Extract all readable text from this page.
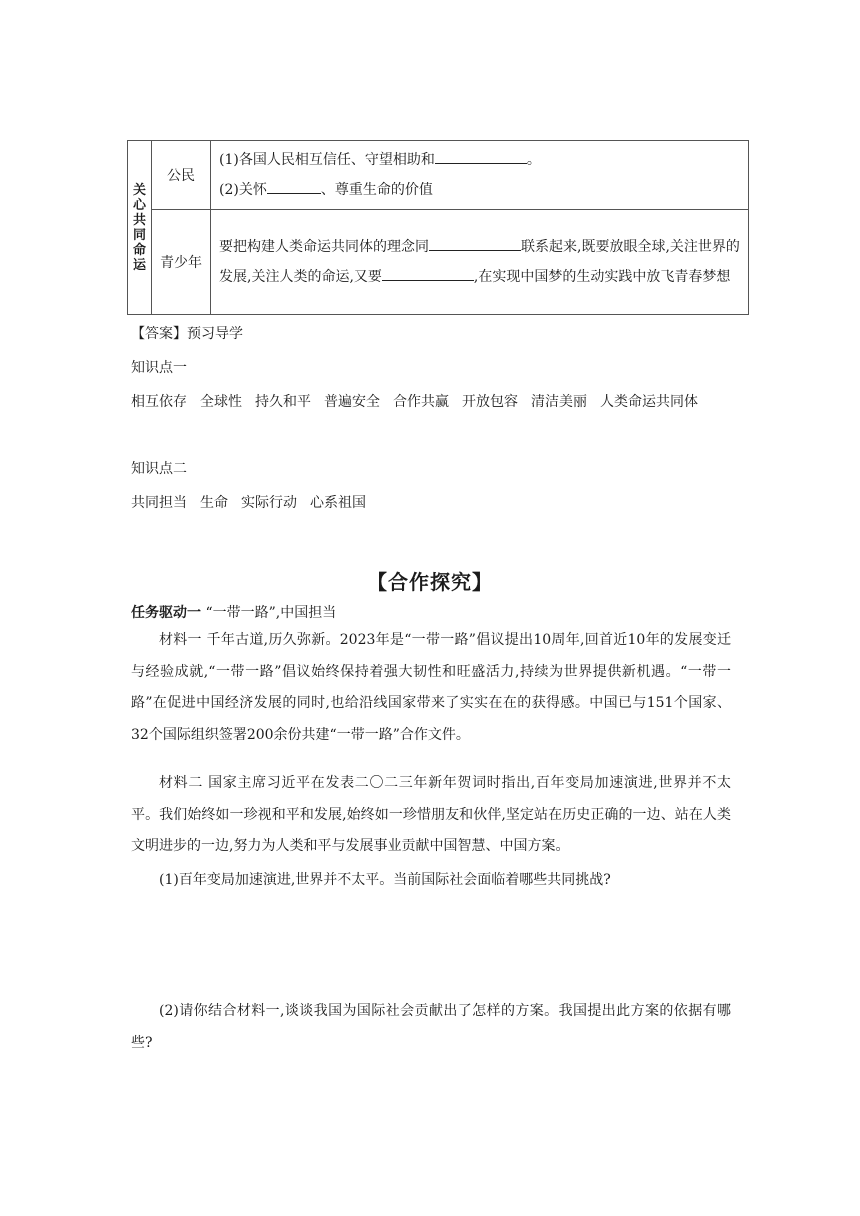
关心共同命运	公民	(1)各国人民相互信任、守望相助和 。
(2)关怀 、尊重生命的价值

	青少年	要把构建人类命运共同体的理念同 联系起来,既要放眼全球,关注世界的发展,关注人类的命运,又要 ,在实现中国梦的生动实践中放飞青春梦想

【答案】预习导学

知识点一

相互依存 全球性 持久和平 普遍安全 合作共赢 开放包容 清洁美丽 人类命运共同体

知识点二

共同担当 生命 实际行动 心系祖国

【合作探究】

任务驱动一 “一带一路”,中国担当

材料一 千年古道,历久弥新。2023年是“一带一路”倡议提出10周年,回首近10年的发展变迁与经验成就,“一带一路”倡议始终保持着强大韧性和旺盛活力,持续为世界提供新机遇。“一带一路”在促进中国经济发展的同时,也给沿线国家带来了实实在在的获得感。中国已与151个国家、32个国际组织签署200余份共建“一带一路”合作文件。

材料二 国家主席习近平在发表二〇二三年新年贺词时指出,百年变局加速演进,世界并不太平。我们始终如一珍视和平和发展,始终如一珍惜朋友和伙伴,坚定站在历史正确的一边、站在人类文明进步的一边,努力为人类和平与发展事业贡献中国智慧、中国方案。

(1)百年变局加速演进,世界并不太平。当前国际社会面临着哪些共同挑战?

(2)请你结合材料一,谈谈我国为国际社会贡献出了怎样的方案。我国提出此方案的依据有哪些?
